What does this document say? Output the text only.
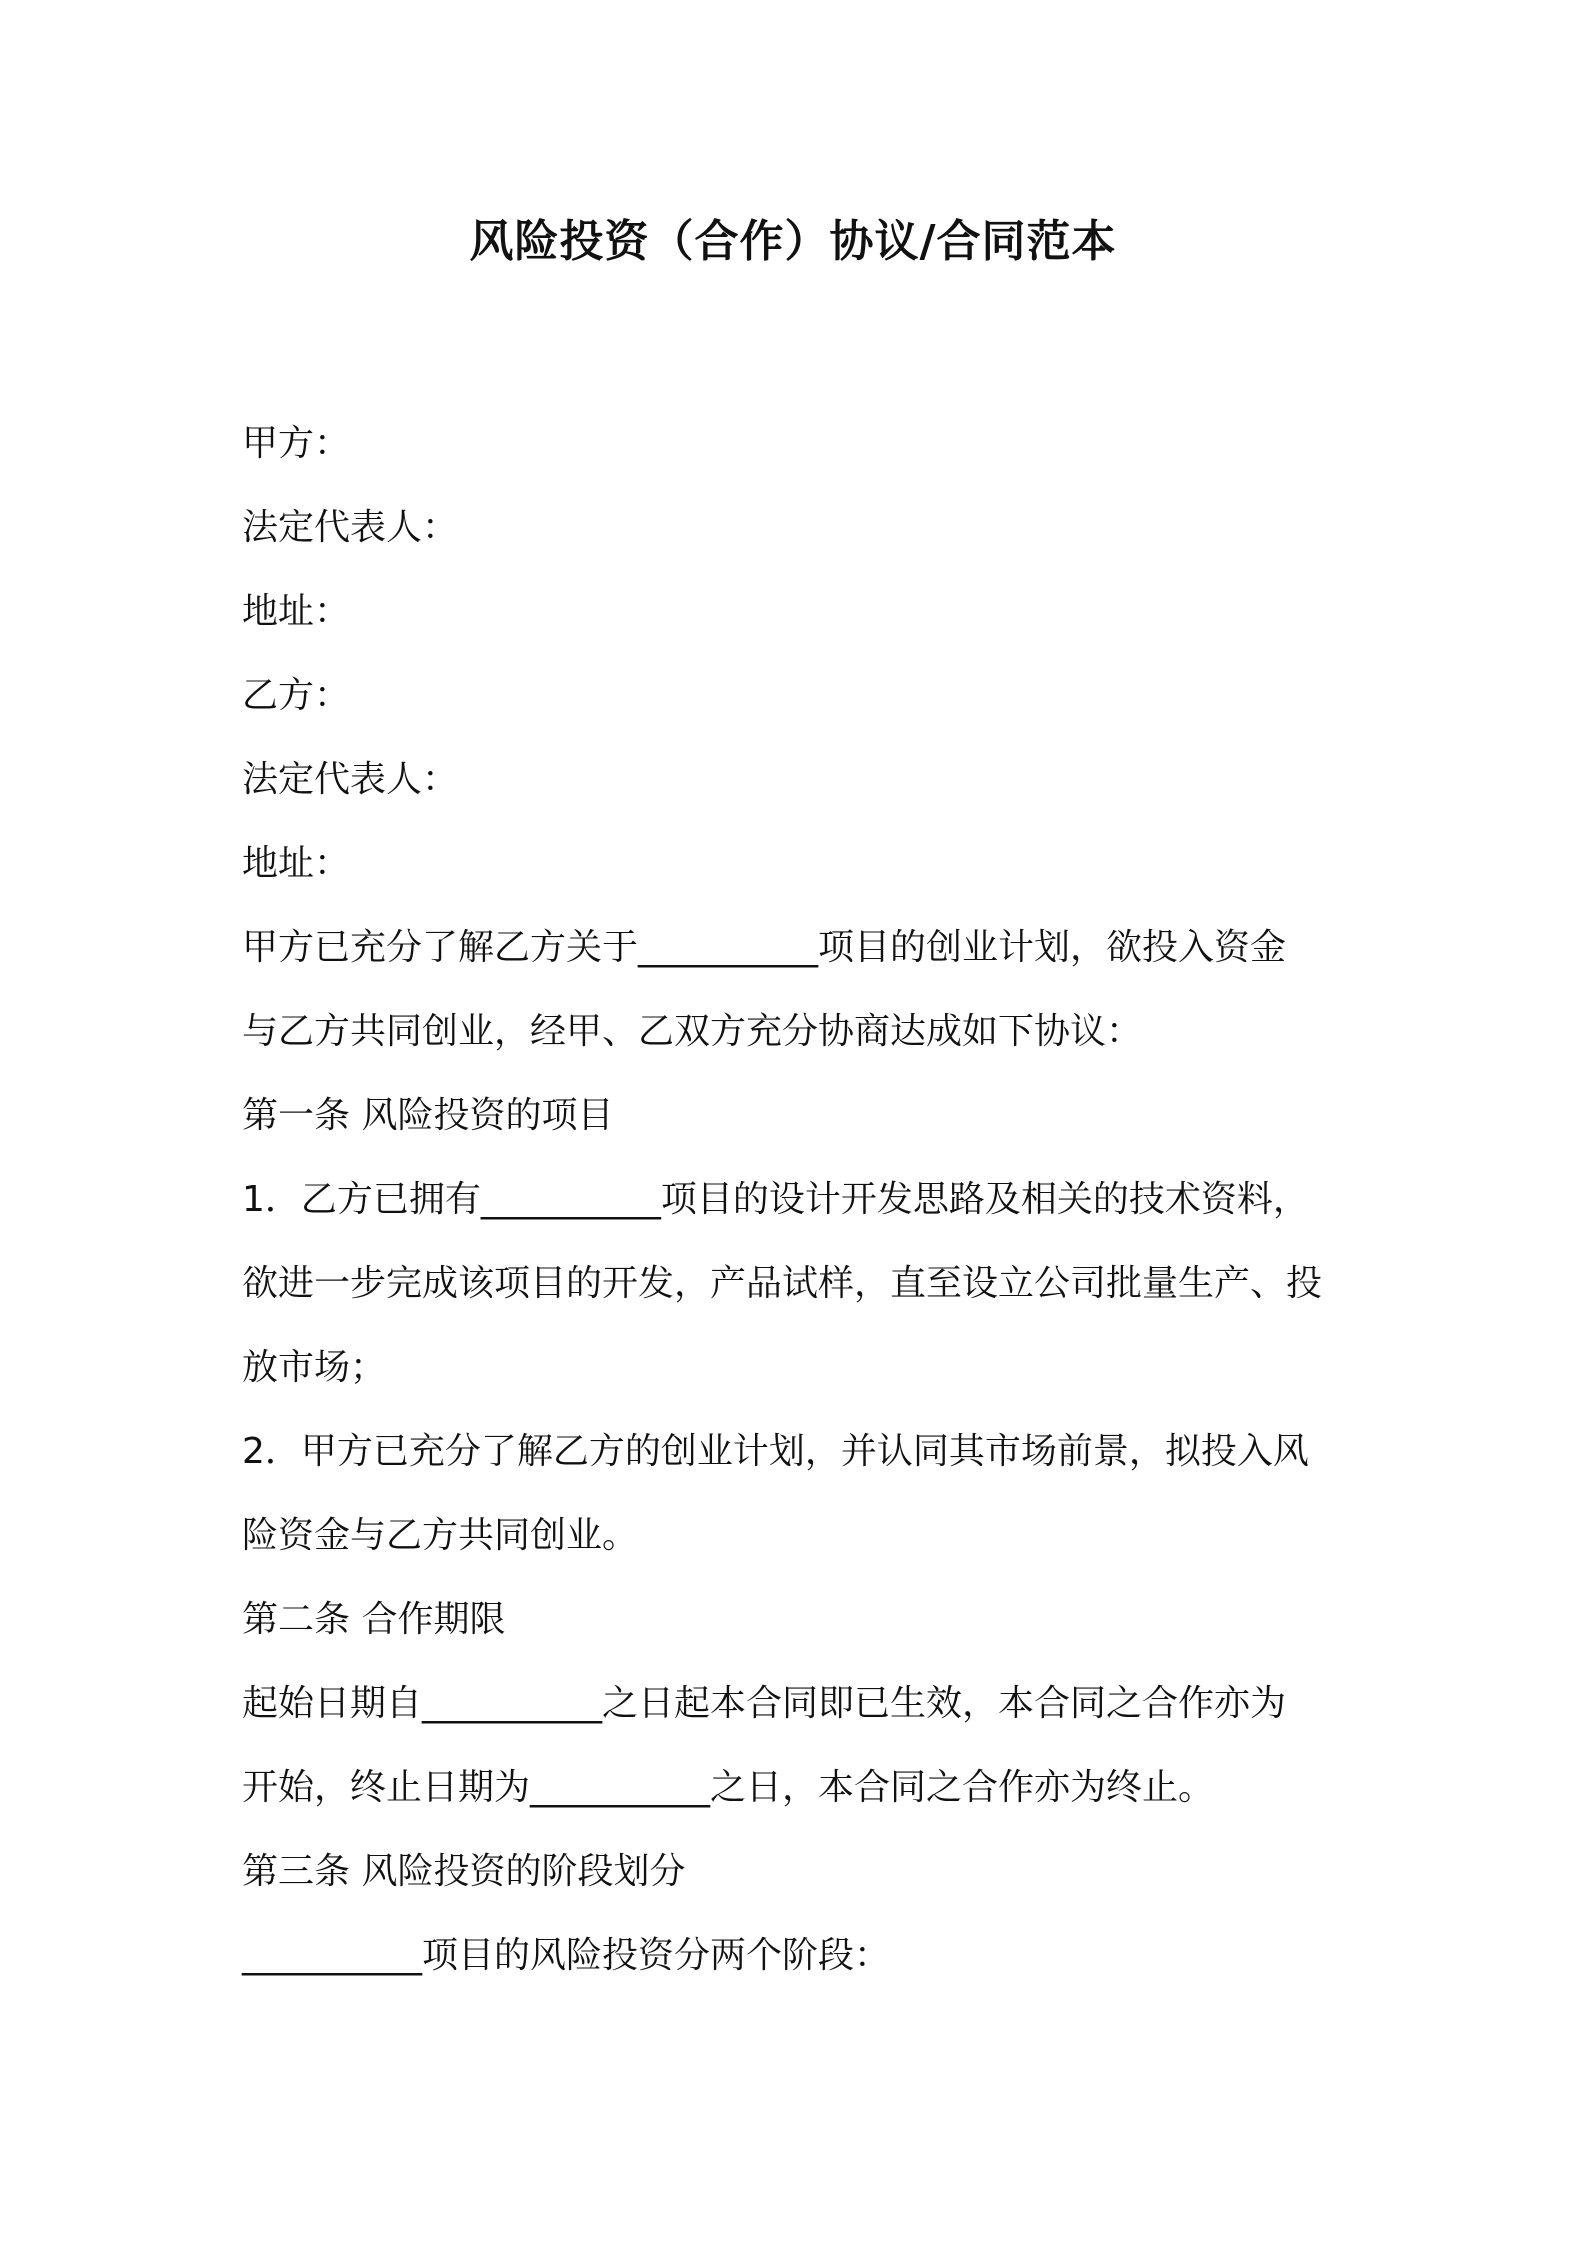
风险投资（合作）协议/合同范本

甲方：

法定代表人：

地址：

乙方：

法定代表人：

地址：

甲方已充分了解乙方关于__________项目的创业计划，欲投入资金

与乙方共同创业，经甲、乙双方充分协商达成如下协议：

第一条 风险投资的项目

1．乙方已拥有__________项目的设计开发思路及相关的技术资料，

欲进一步完成该项目的开发，产品试样，直至设立公司批量生产、投

放市场；

2．甲方已充分了解乙方的创业计划，并认同其市场前景，拟投入风

险资金与乙方共同创业。

第二条 合作期限

起始日期自__________之日起本合同即已生效，本合同之合作亦为

开始，终止日期为__________之日，本合同之合作亦为终止。

第三条 风险投资的阶段划分

__________项目的风险投资分两个阶段：
